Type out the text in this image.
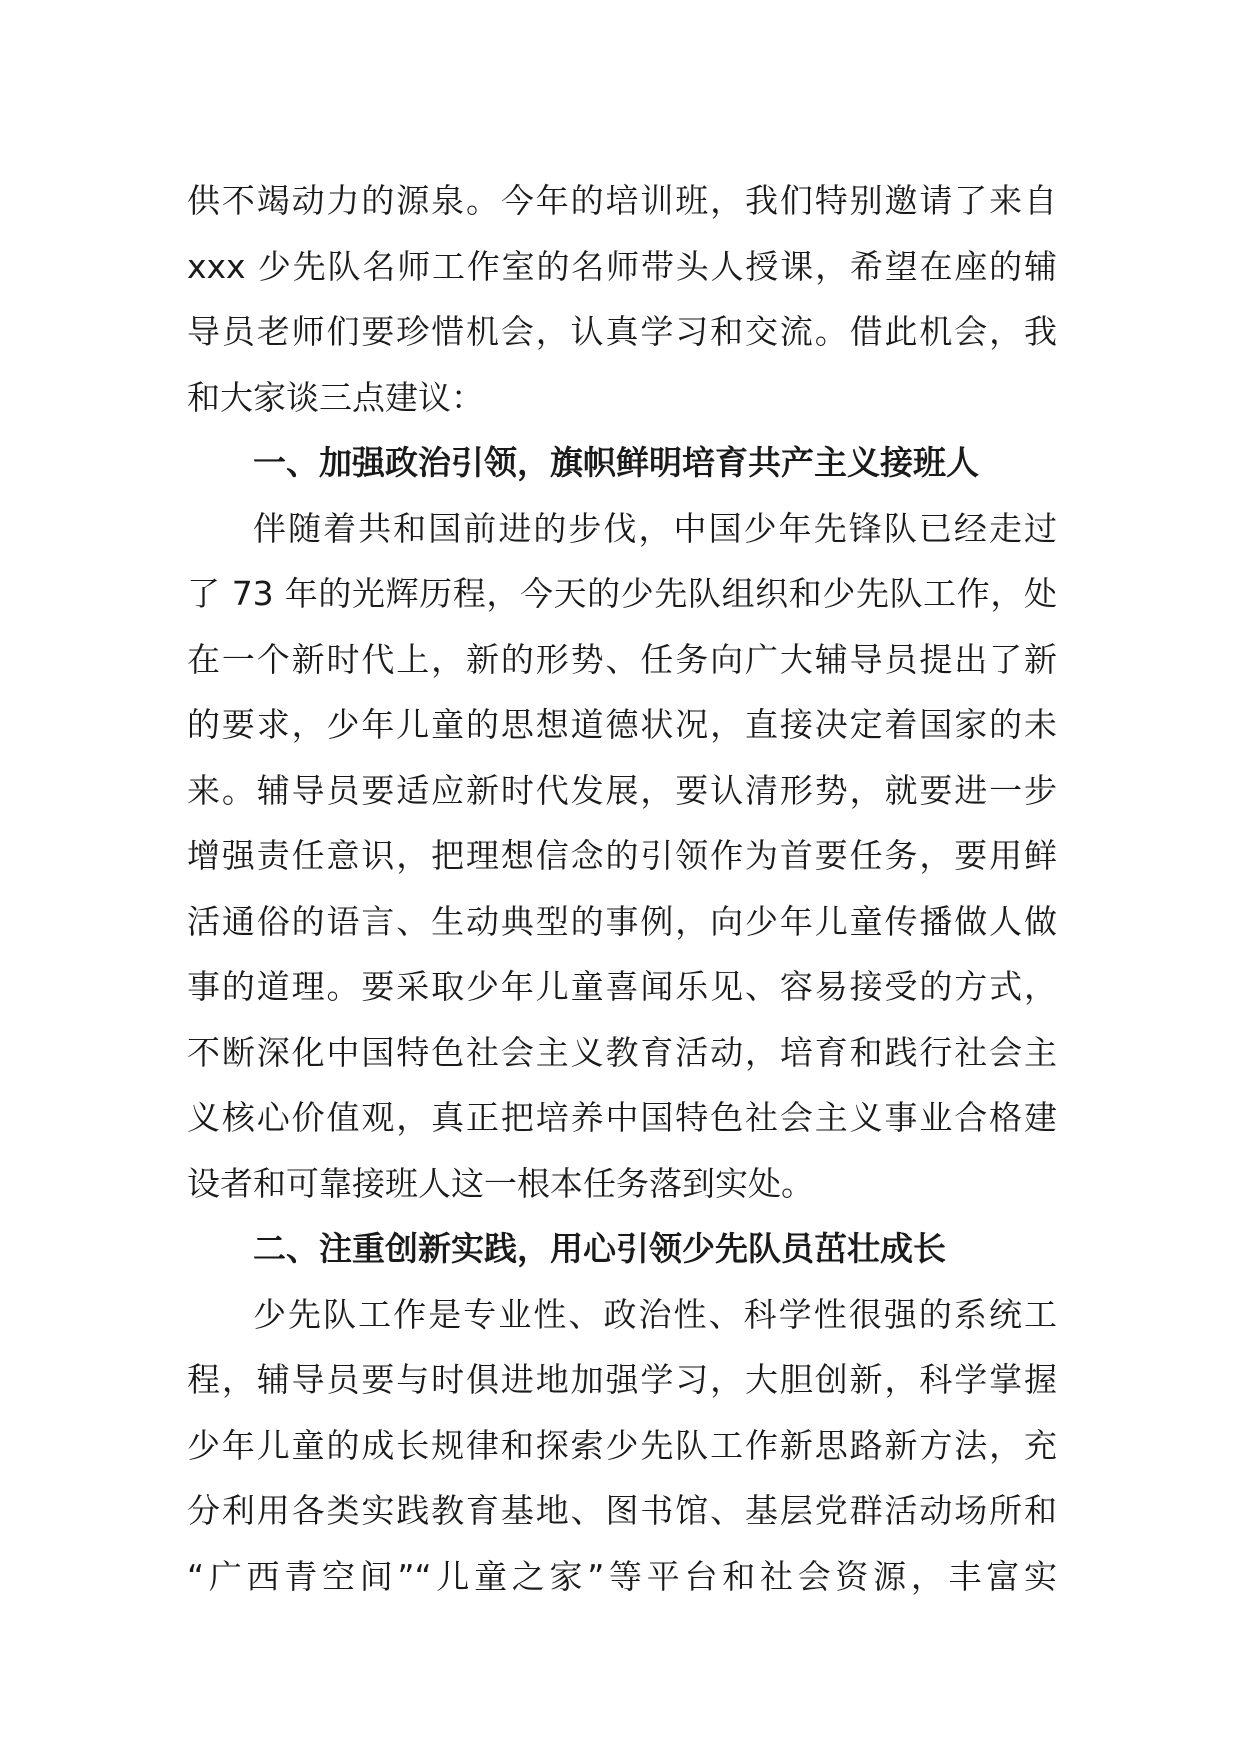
供不竭动力的源泉。今年的培训班，我们特别邀请了来自
xxx 少先队名师工作室的名师带头人授课，希望在座的辅
导员老师们要珍惜机会，认真学习和交流。借此机会，我
和大家谈三点建议：
一、加强政治引领，旗帜鲜明培育共产主义接班人
伴随着共和国前进的步伐，中国少年先锋队已经走过
了 73 年的光辉历程，今天的少先队组织和少先队工作，处
在一个新时代上，新的形势、任务向广大辅导员提出了新
的要求，少年儿童的思想道德状况，直接决定着国家的未
来。辅导员要适应新时代发展，要认清形势，就要进一步
增强责任意识，把理想信念的引领作为首要任务，要用鲜
活通俗的语言、生动典型的事例，向少年儿童传播做人做
事的道理。要采取少年儿童喜闻乐见、容易接受的方式，
不断深化中国特色社会主义教育活动，培育和践行社会主
义核心价值观，真正把培养中国特色社会主义事业合格建
设者和可靠接班人这一根本任务落到实处。
二、注重创新实践，用心引领少先队员茁壮成长
少先队工作是专业性、政治性、科学性很强的系统工
程，辅导员要与时俱进地加强学习，大胆创新，科学掌握
少年儿童的成长规律和探索少先队工作新思路新方法，充
分利用各类实践教育基地、图书馆、基层党群活动场所和
“广西青空间”“儿童之家”等平台和社会资源，丰富实
